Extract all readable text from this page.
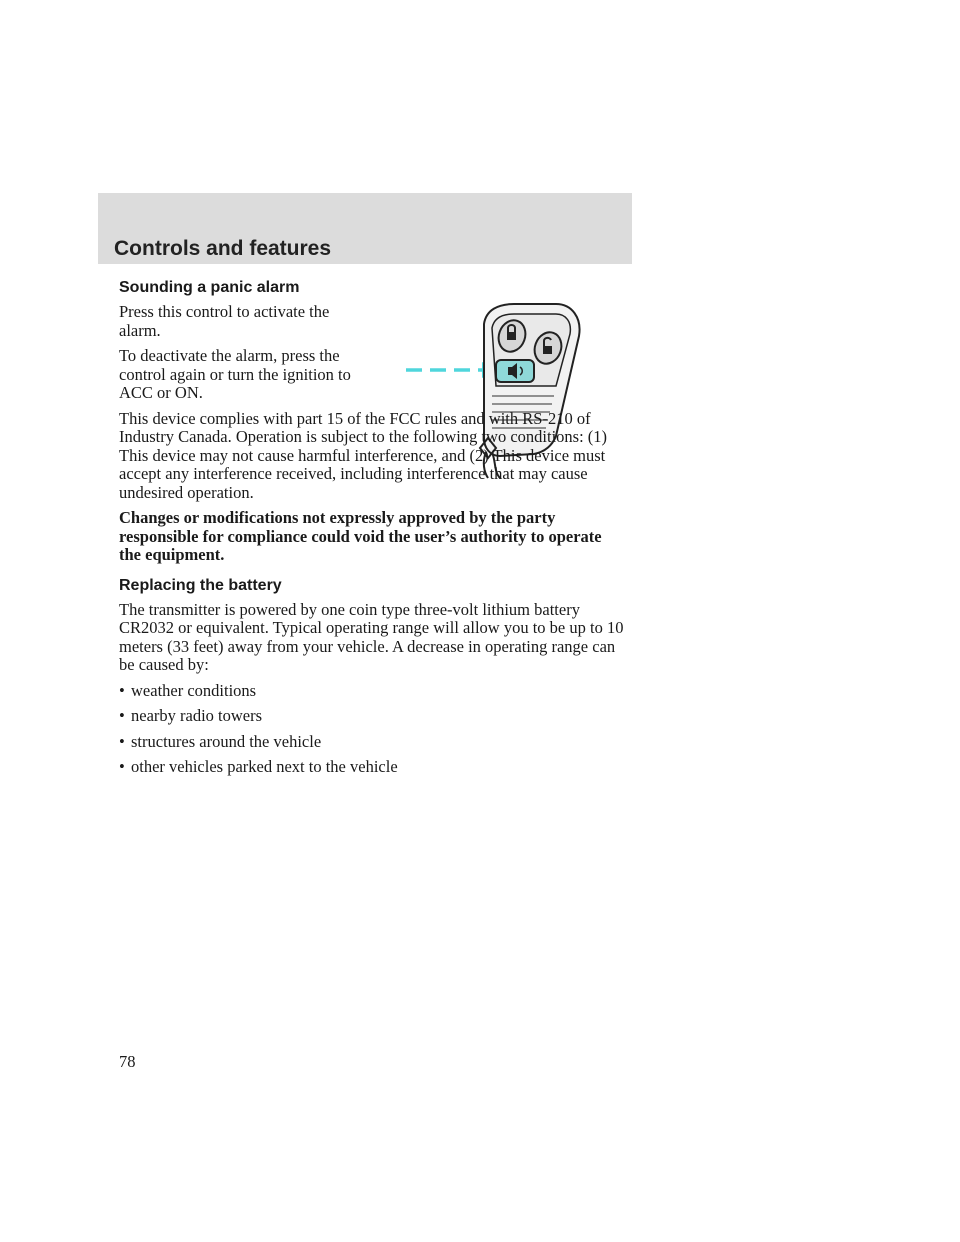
Controls and features
Sounding a panic alarm

Press this control to activate the alarm.

To deactivate the alarm, press the control again or turn the ignition to ACC or ON.

This device complies with part 15 of the FCC rules and with RS-210 of Industry Canada. Operation is subject to the following two conditions: (1) This device may not cause harmful interference, and (2) This device must accept any interference received, including interference that may cause undesired operation.

Changes or modifications not expressly approved by the party responsible for compliance could void the user’s authority to operate the equipment.

Replacing the battery

The transmitter is powered by one coin type three-volt lithium battery CR2032 or equivalent. Typical operating range will allow you to be up to 10 meters (33 feet) away from your vehicle. A decrease in operating range can be caused by:

• weather conditions
• nearby radio towers
• structures around the vehicle
• other vehicles parked next to the vehicle
78
